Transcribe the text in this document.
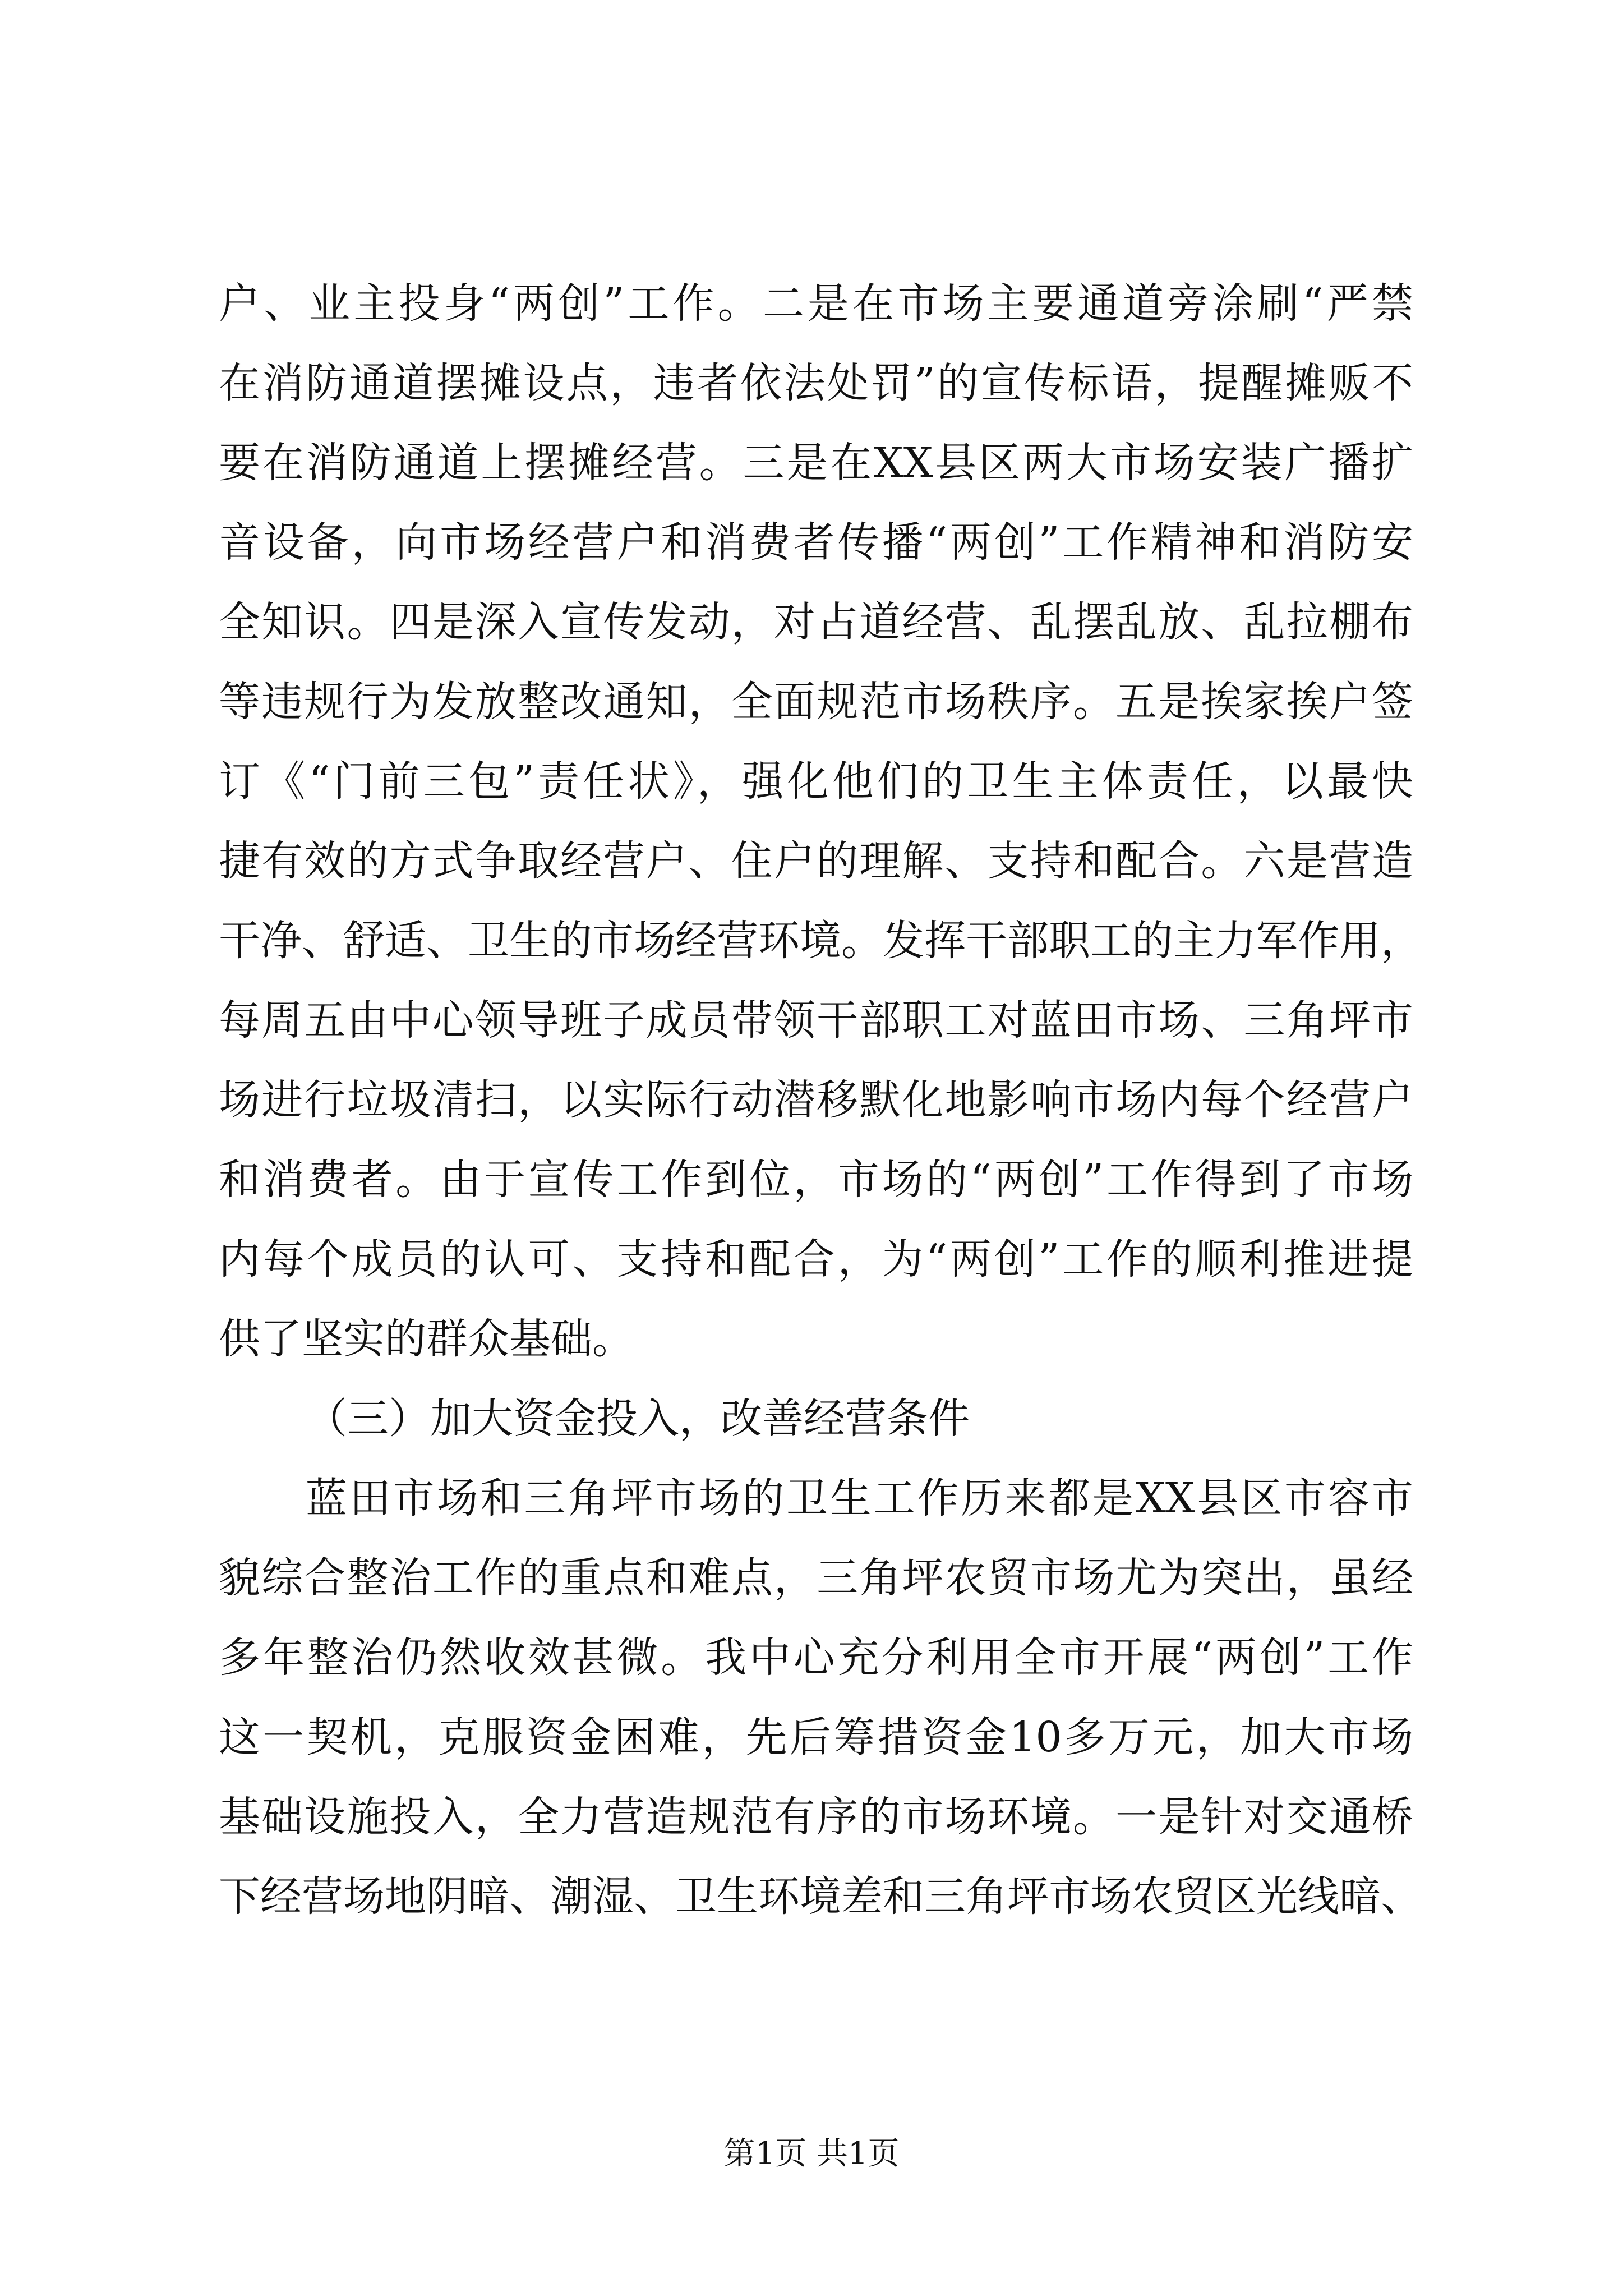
户、业主投身“两创”工作。二是在市场主要通道旁涂刷“严禁
在消防通道摆摊设点，违者依法处罚”的宣传标语，提醒摊贩不
要在消防通道上摆摊经营。三是在XX县区两大市场安装广播扩
音设备，向市场经营户和消费者传播“两创”工作精神和消防安
全知识。四是深入宣传发动，对占道经营、乱摆乱放、乱拉棚布
等违规行为发放整改通知，全面规范市场秩序。五是挨家挨户签
订《“门前三包”责任状》，强化他们的卫生主体责任，以最快
捷有效的方式争取经营户、住户的理解、支持和配合。六是营造
干净、舒适、卫生的市场经营环境。发挥干部职工的主力军作用，
每周五由中心领导班子成员带领干部职工对蓝田市场、三角坪市
场进行垃圾清扫，以实际行动潜移默化地影响市场内每个经营户
和消费者。由于宣传工作到位，市场的“两创”工作得到了市场
内每个成员的认可、支持和配合，为“两创”工作的顺利推进提
供了坚实的群众基础。
（三）加大资金投入，改善经营条件
蓝田市场和三角坪市场的卫生工作历来都是XX县区市容市
貌综合整治工作的重点和难点，三角坪农贸市场尤为突出，虽经
多年整治仍然收效甚微。我中心充分利用全市开展“两创”工作
这一契机，克服资金困难，先后筹措资金10多万元，加大市场
基础设施投入，全力营造规范有序的市场环境。一是针对交通桥
下经营场地阴暗、潮湿、卫生环境差和三角坪市场农贸区光线暗、
第1页 共1页
